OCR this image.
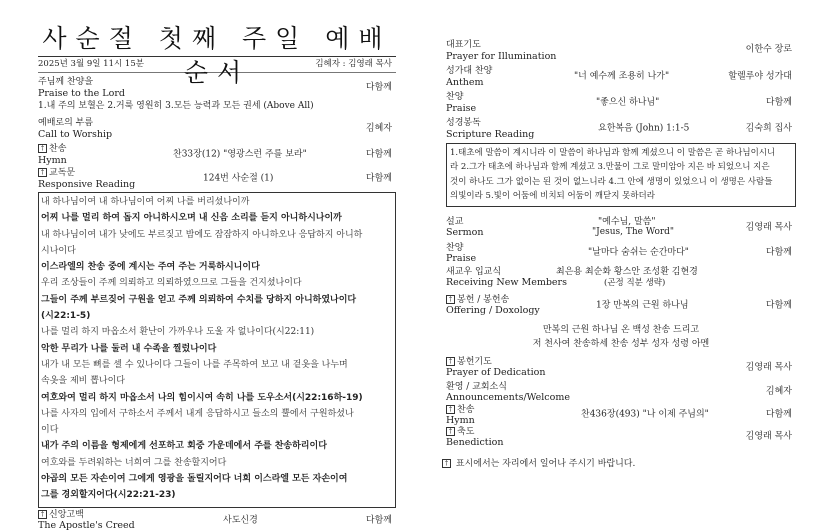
사순절 첫째 주일 예배 순서
2025년 3월 9일 11시 15분	김혜자 : 김영래 목사
주님께 찬양을
Praise to the Lord
다함께
1.내 주의 보혈은 2.거룩 영원히 3.모든 능력과 모든 권세 (Above All)
예배로의 부름
Call to Worship
김혜자
† 찬송
Hymn
찬33장(12) "영광스런 주를 보라"	다함께
† 교독문
Responsive Reading
124번 사순절 (1)	다함께
내 하나님이여 내 하나님이여 어찌 나를 버리셨나이까
어찌 나를 멀리 하여 돕지 아니하시오며 내 신음 소리를 듣지 아니하시나이까
내 하나님이여 내가 낮에도 부르짖고 밤에도 잠잠하지 아니하오나 응답하지 아니하
시나이다
이스라엘의 찬송 중에 계시는 주여 주는 거룩하시니이다
우리 조상들이 주께 의뢰하고 의뢰하였으므로 그들을 건지셨나이다
그들이 주께 부르짖어 구원을 얻고 주께 의뢰하여 수치를 당하지 아니하였나이다
(시22:1-5)
나를 멀리 하지 마옵소서 환난이 가까우나 도울 자 없나이다(시22:11)
악한 무리가 나를 둘러 내 수족을 찔렀나이다
내가 내 모든 뼈를 셀 수 있나이다 그들이 나를 주목하여 보고 내 겉옷을 나누며
속옷을 제비 뽑나이다
여호와여 멀리 하지 마옵소서 나의 힘이시여 속히 나를 도우소서(시22:16하-19)
나를 사자의 입에서 구하소서 주께서 내게 응답하시고 들소의 뿔에서 구원하셨나
이다
내가 주의 이름을 형제에게 선포하고 회중 가운데에서 주를 찬송하리이다
여호와를 두려워하는 너희여 그를 찬송할지어다
야곱의 모든 자손이여 그에게 영광을 돌릴지어다 너희 이스라엘 모든 자손이여
그를 경외할지어다(시22:21-23)
† 신앙고백
The Apostle's Creed
사도신경	다함께
대표기도
Prayer for Illumination
이한수 장로
성가대 찬양
Anthem
"너 예수께 조용히 나가"	할렐루야 성가대
찬양
Praise
"좋으신 하나님"	다함께
성경봉독
Scripture Reading
요한복음 (John) 1:1-5	김숙희 집사
1.태초에 말씀이 계시니라 이 말씀이 하나님과 함께 계셨으니 이 말씀은 곧 하나님이시니
라 2.그가 태초에 하나님과 함께 계셨고 3.만물이 그로 말미암아 지은 바 되었으니 지은
것이 하나도 그가 없이는 된 것이 없느니라 4.그 안에 생명이 있었으니 이 생명은 사람들
의빛이라 5.빛이 어둠에 비치되 어둠이 깨닫지 못하더라
설교
Sermon
"예수님, 말씀"
"Jesus, The Word"	김영래 목사
찬양
Praise
"날마다 숨쉬는 순간마다"	다함께
새교우 입교식
Receiving New Members
최은용 최순화 황스안 조성환 김현경
(곤정 직분 생략)
† 봉헌 / 봉헌송
Offering / Doxology
1장 만복의 근원 하나님	다함께
만복의 근원 하나님 온 백성 찬송 드리고
저 천사여 찬송하세 찬송 성부 성자 성령 아멘
† 봉헌기도
Prayer of Dedication
김영래 목사
환영 / 교회소식
Announcements/Welcome
김혜자
† 찬송
Hymn
찬436장(493) "나 이제 주님의"	다함께
† 축도
Benediction
김영래 목사
† 표시에서는 자리에서 일어나 주시기 바랍니다.
